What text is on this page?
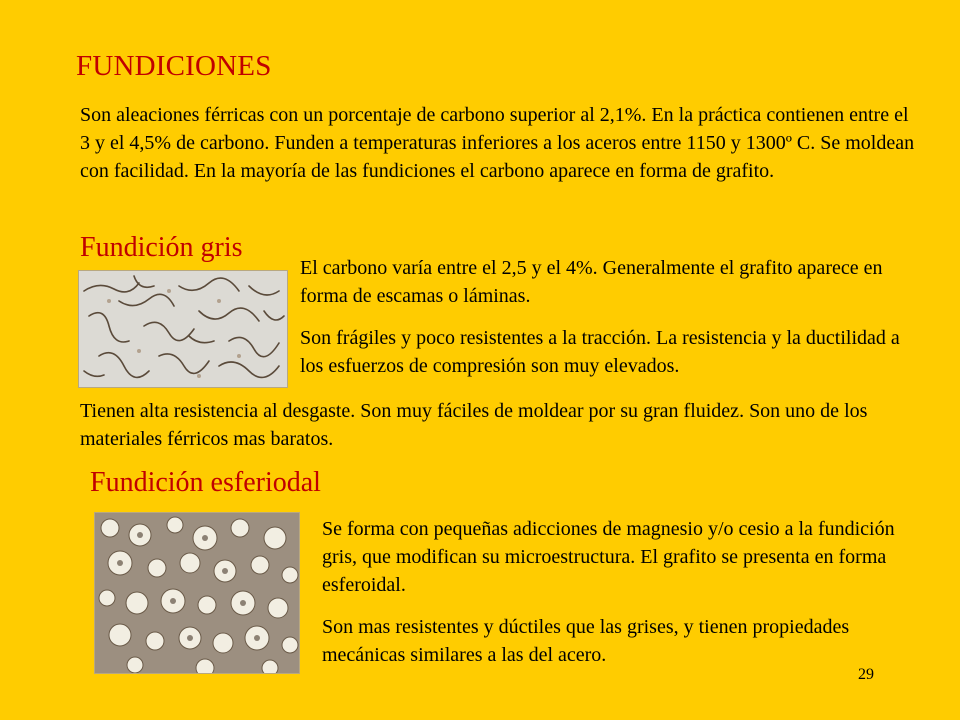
FUNDICIONES
Son aleaciones férricas con un porcentaje de carbono superior al 2,1%. En la práctica contienen entre el 3 y el 4,5% de carbono. Funden a temperaturas inferiores a los aceros entre 1150 y 1300º C. Se moldean con facilidad. En la mayoría de las fundiciones el carbono aparece en forma de grafito.
Fundición gris

El carbono varía entre el 2,5 y el 4%. Generalmente el grafito aparece en forma de escamas o láminas.

Son frágiles y poco resistentes a la tracción. La resistencia y la ductilidad a los esfuerzos de compresión son muy elevados.

Tienen alta resistencia al desgaste. Son muy fáciles de moldear por su gran fluidez. Son uno de los materiales férricos mas baratos.

Fundición esferiodal

Se forma con pequeñas adicciones de magnesio y/o cesio a la fundición gris, que modifican su microestructura. El grafito se presenta en forma esferoidal.

Son mas resistentes y dúctiles que las grises, y tienen propiedades mecánicas similares a las del acero.

29
